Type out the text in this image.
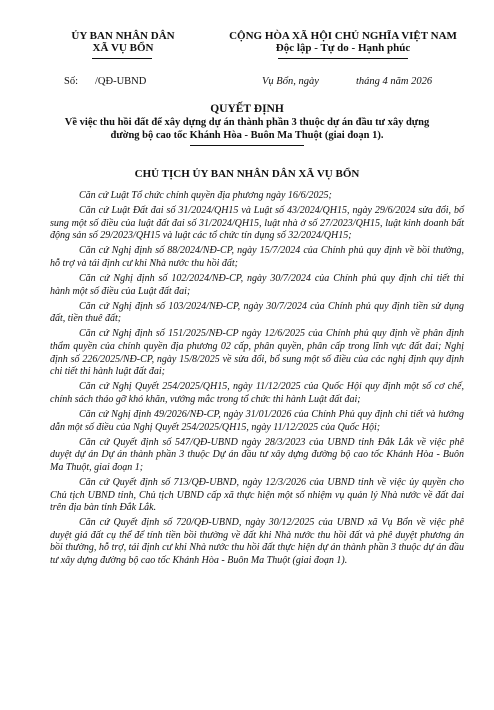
ỦY BAN NHÂN DÂN
XÃ VỤ BỔN
CỘNG HÒA XÃ HỘI CHỦ NGHĨA VIỆT NAM
Độc lập - Tự do - Hạnh phúc
Số: /QĐ-UBND	Vụ Bổn, ngày	tháng 4 năm 2026
QUYẾT ĐỊNH
Về việc thu hồi đất để xây dựng dự án thành phần 3 thuộc dự án đầu tư xây dựng đường bộ cao tốc Khánh Hòa - Buôn Ma Thuột (giai đoạn 1).
CHỦ TỊCH ỦY BAN NHÂN DÂN XÃ VỤ BỔN

Căn cứ Luật Tổ chức chính quyền địa phương ngày 16/6/2025;

Căn cứ Luật Đất đai số 31/2024/QH15 và Luật số 43/2024/QH15, ngày 29/6/2024 sửa đổi, bổ sung một số điều của luật đất đai số 31/2024/QH15, luật nhà ở số 27/2023/QH15, luật kinh doanh bất động sản số 29/2023/QH15 và luật các tổ chức tín dụng số 32/2024/QH15;

Căn cứ Nghị định số 88/2024/NĐ-CP, ngày 15/7/2024 của Chính phủ quy định về bồi thường, hỗ trợ và tái định cư khi Nhà nước thu hồi đất;

Căn cứ Nghị định số 102/2024/NĐ-CP, ngày 30/7/2024 của Chính phủ quy định chi tiết thi hành một số điều của Luật đất đai;

Căn cứ Nghị định số 103/2024/NĐ-CP, ngày 30/7/2024 của Chính phủ quy định tiền sử dụng đất, tiền thuê đất;

Căn cứ Nghị định số 151/2025/NĐ-CP ngày 12/6/2025 của Chính phủ quy định về phân định thẩm quyền của chính quyền địa phương 02 cấp, phân quyền, phân cấp trong lĩnh vực đất đai; Nghị định số 226/2025/NĐ-CP, ngày 15/8/2025 về sửa đổi, bổ sung một số điều của các nghị định quy định chi tiết thi hành luật đất đai;

Căn cứ Nghị Quyết 254/2025/QH15, ngày 11/12/2025 của Quốc Hội quy định một số cơ chế, chính sách tháo gỡ khó khăn, vướng mắc trong tổ chức thi hành Luật đất đai;

Căn cứ Nghị định 49/2026/NĐ-CP, ngày 31/01/2026 của Chính Phủ quy định chi tiết và hướng dẫn một số điều của Nghị Quyết 254/2025/QH15, ngày 11/12/2025 của Quốc Hội;

Căn cứ Quyết định số 547/QĐ-UBND ngày 28/3/2023 của UBND tỉnh Đắk Lắk về việc phê duyệt dự án Dự án thành phần 3 thuộc Dự án đầu tư xây dựng đường bộ cao tốc Khánh Hòa - Buôn Ma Thuột, giai đoạn 1;

Căn cứ Quyết định số 713/QĐ-UBND, ngày 12/3/2026 của UBND tỉnh về việc ủy quyền cho Chủ tịch UBND tỉnh, Chủ tịch UBND cấp xã thực hiện một số nhiệm vụ quản lý Nhà nước về đất đai trên địa bàn tỉnh Đắk Lắk.

Căn cứ Quyết định số 720/QĐ-UBND, ngày 30/12/2025 của UBND xã Vụ Bổn về việc phê duyệt giá đất cụ thể để tính tiền bồi thường về đất khi Nhà nước thu hồi đất và phê duyệt phương án bồi thường, hỗ trợ, tái định cư khi Nhà nước thu hồi đất thực hiện dự án thành phần 3 thuộc dự án đầu tư xây dựng đường bộ cao tốc Khánh Hòa - Buôn Ma Thuột (giai đoạn 1).
